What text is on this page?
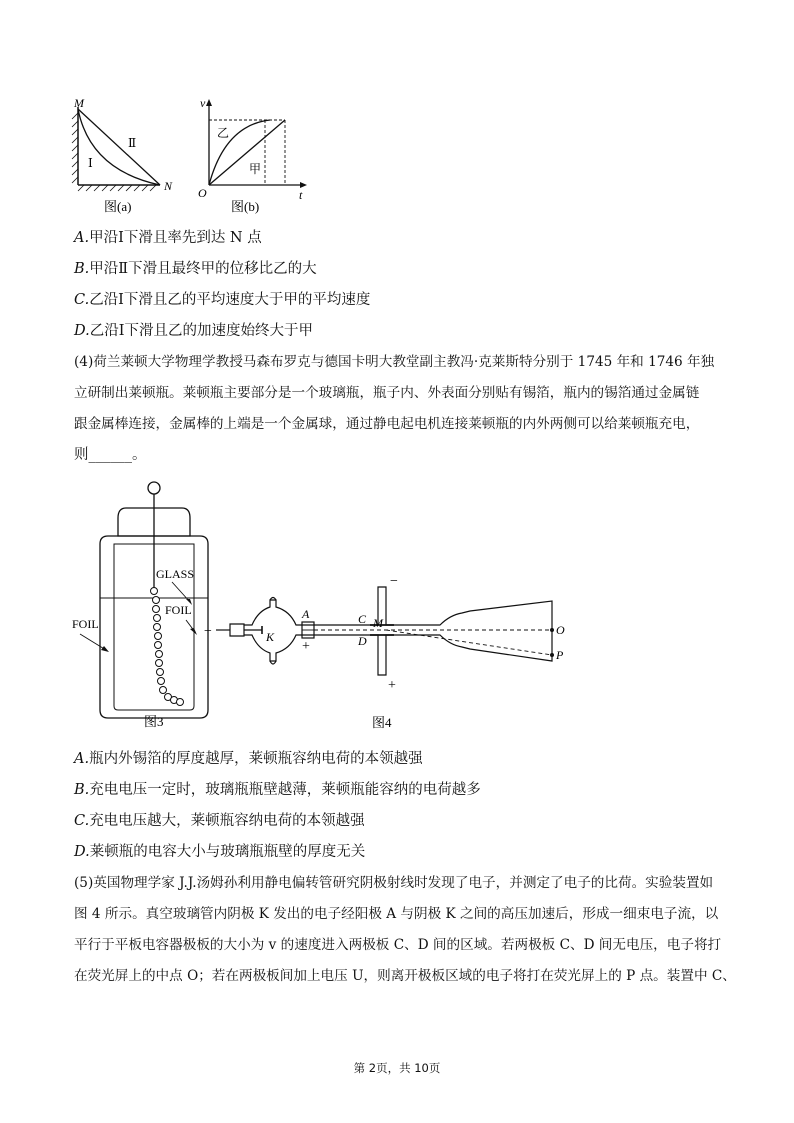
M
N
Ⅰ
Ⅱ
图(a)
v
t
O
乙
甲
图(b)
A.甲沿Ⅰ下滑且率先到达 N 点
B.甲沿Ⅱ下滑且最终甲的位移比乙的大
C.乙沿Ⅰ下滑且乙的平均速度大于甲的平均速度
D.乙沿Ⅰ下滑且乙的加速度始终大于甲
(4)荷兰莱顿大学物理学教授马森布罗克与德国卡明大教堂副主教冯·克莱斯特分别于 1745 年和 1746 年独
立研制出莱顿瓶。莱顿瓶主要部分是一个玻璃瓶，瓶子内、外表面分别贴有锡箔，瓶内的锡箔通过金属链
跟金属棒连接，金属棒的上端是一个金属球，通过静电起电机连接莱顿瓶的内外两侧可以给莱顿瓶充电，
则______。
GLASS
FOIL
FOIL
图3
−	K
A
+
−
+
C M
D
O
P
图4
A.瓶内外锡箔的厚度越厚，莱顿瓶容纳电荷的本领越强
B.充电电压一定时，玻璃瓶瓶壁越薄，莱顿瓶能容纳的电荷越多
C.充电电压越大，莱顿瓶容纳电荷的本领越强
D.莱顿瓶的电容大小与玻璃瓶瓶壁的厚度无关
(5)英国物理学家 J.J.汤姆孙利用静电偏转管研究阴极射线时发现了电子，并测定了电子的比荷。实验装置如
图 4 所示。真空玻璃管内阴极 K 发出的电子经阳极 A 与阴极 K 之间的高压加速后，形成一细束电子流，以
平行于平板电容器极板的大小为 v 的速度进入两极板 C、D 间的区域。若两极板 C、D 间无电压，电子将打
在荧光屏上的中点 O；若在两极板间加上电压 U，则离开极板区域的电子将打在荧光屏上的 P 点。装置中 C、
第 2页，共 10页
